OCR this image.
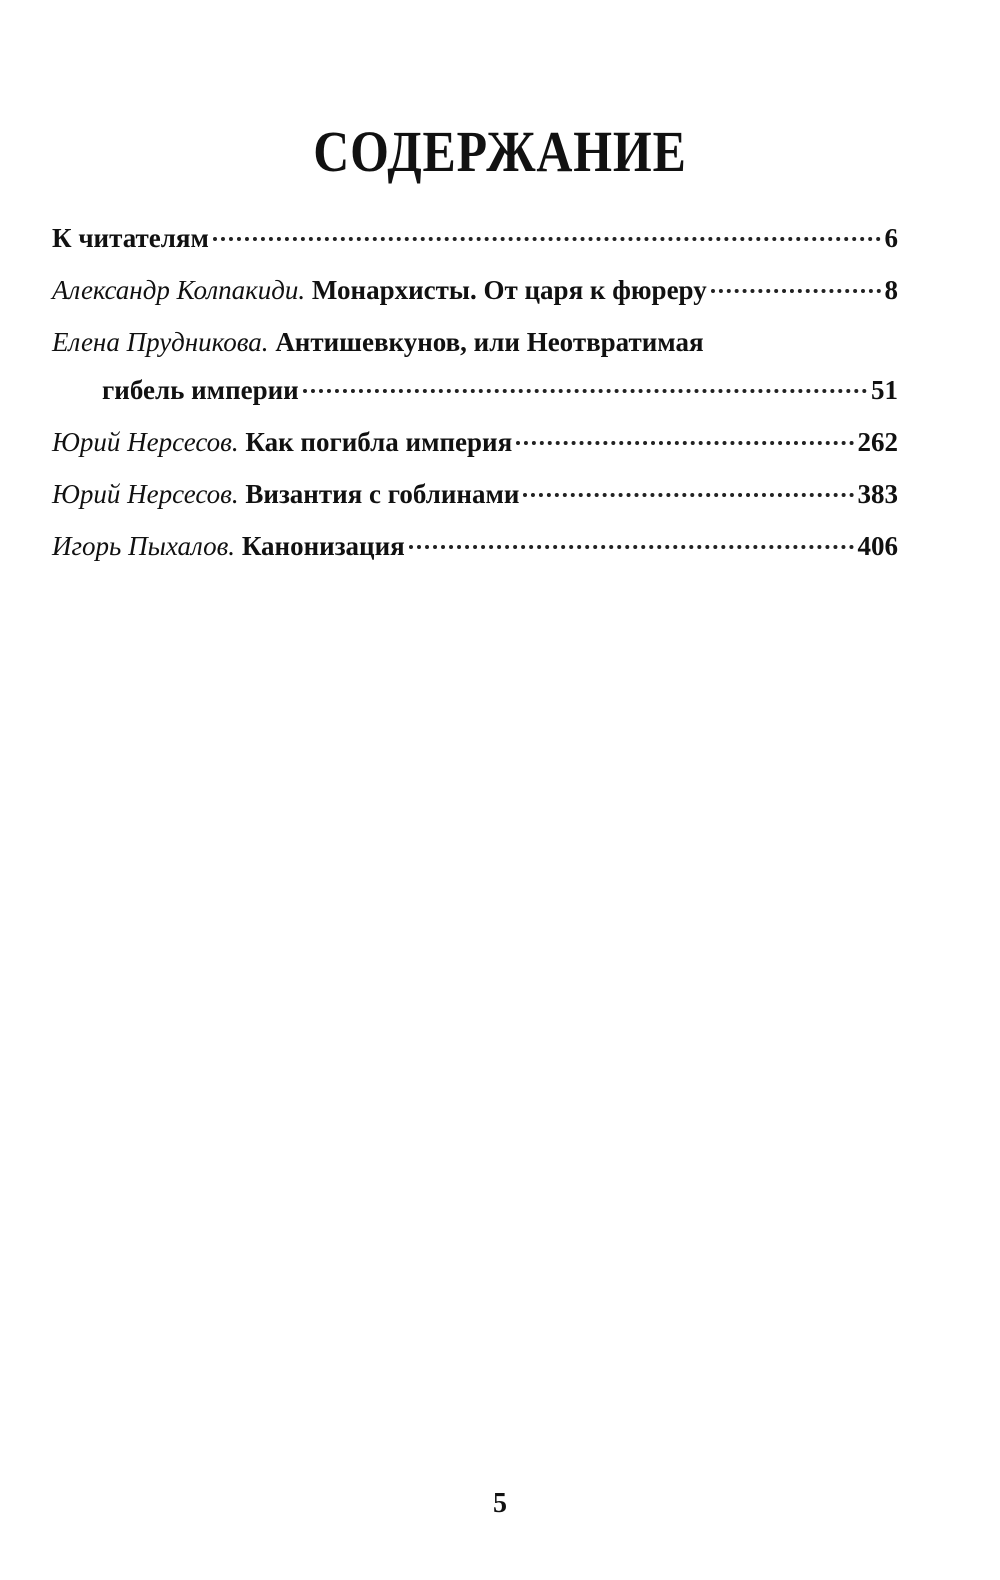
СОДЕРЖАНИЕ
К читателям	6
Александр Колпакиди.
Монархисты. От царя к фюреру	8
Елена Прудникова.
Антишевкунов, или Неотвратимая
гибель империи	51
Юрий Нерсесов.
Как погибла империя	262
Юрий Нерсесов.
Византия с гоблинами	383
Игорь Пыхалов.
Канонизация	406
5
